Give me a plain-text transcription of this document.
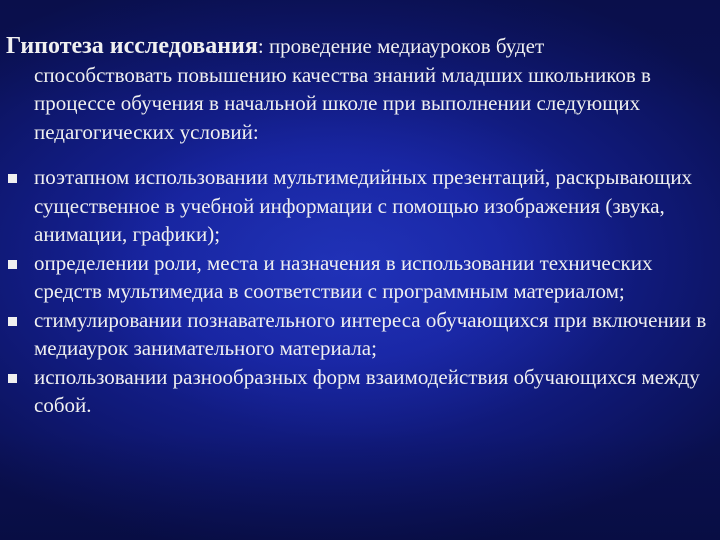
Гипотеза исследования: проведение медиауроков будет
способствовать повышению качества знаний младших школьников в процессе обучения в начальной школе при выполнении следующих педагогических условий:
поэтапном использовании мультимедийных презентаций, раскрывающих существенное в учебной информации с помощью изображения (звука, анимации, графики);
определении роли, места и назначения в использовании технических средств мультимедиа в соответствии с программным материалом;
стимулировании познавательного интереса обучающихся при включении в медиаурок занимательного материала;
использовании разнообразных форм взаимодействия обучающихся между собой.
